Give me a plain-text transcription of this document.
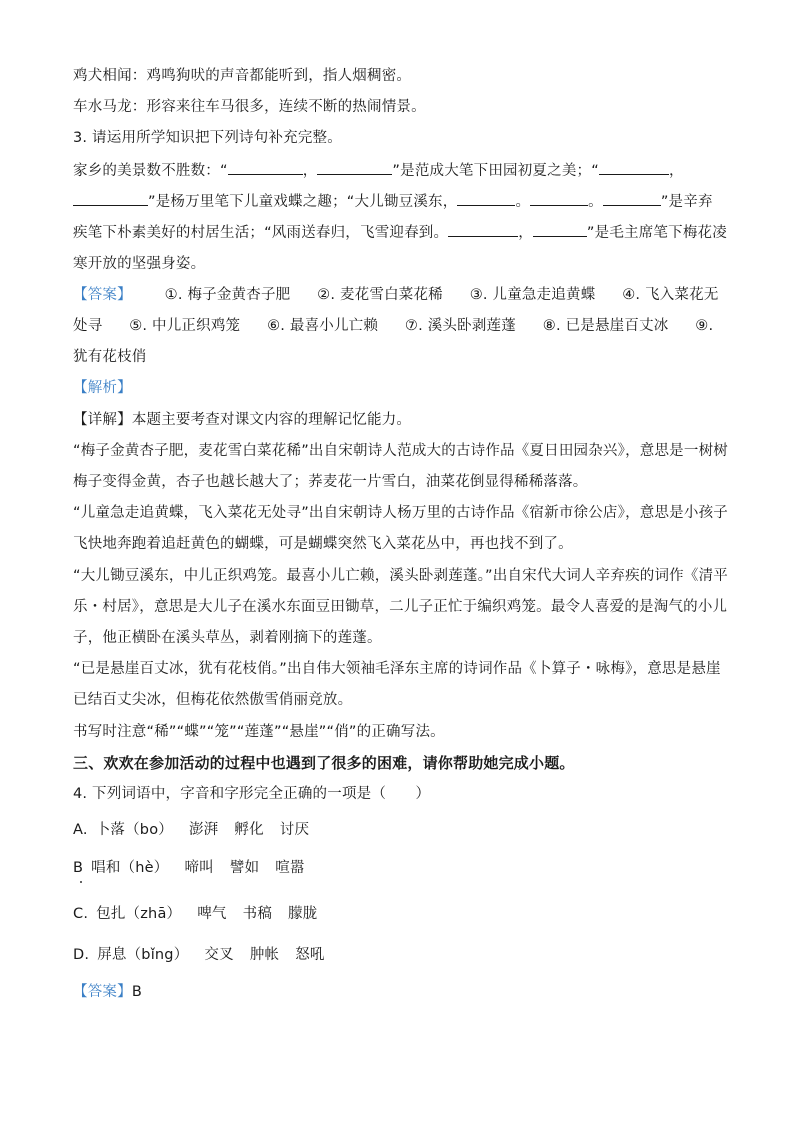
鸡犬相闻：鸡鸣狗吠的声音都能听到，指人烟稠密。
车水马龙：形容来往车马很多，连续不断的热闹情景。
3. 请运用所学知识把下列诗句补充完整。
家乡的美景数不胜数：“	，	”是范成大笔下田园初夏之美；“	，
”是杨万里笔下儿童戏蝶之趣；“大儿锄豆溪东，	。	。	”是辛弃
疾笔下朴素美好的村居生活；“风雨送春归，飞雪迎春到。	，	”是毛主席笔下梅花凌
寒开放的坚强身姿。
【答案】 ①. 梅子金黄杏子肥 ②. 麦花雪白菜花稀 ③. 儿童急走追黄蝶 ④. 飞入菜花无
处寻 ⑤. 中儿正织鸡笼 ⑥. 最喜小儿亡赖 ⑦. 溪头卧剥莲蓬 ⑧. 已是悬崖百丈冰 ⑨.
犹有花枝俏
【解析】
【详解】本题主要考查对课文内容的理解记忆能力。
“梅子金黄杏子肥，麦花雪白菜花稀”出自宋朝诗人范成大的古诗作品《夏日田园杂兴》，意思是一树树
梅子变得金黄，杏子也越长越大了；荞麦花一片雪白，油菜花倒显得稀稀落落。
“儿童急走追黄蝶，飞入菜花无处寻”出自宋朝诗人杨万里的古诗作品《宿新市徐公店》，意思是小孩子
飞快地奔跑着追赶黄色的蝴蝶，可是蝴蝶突然飞入菜花丛中，再也找不到了。
“大儿锄豆溪东，中儿正织鸡笼。最喜小儿亡赖，溪头卧剥莲蓬。”出自宋代大词人辛弃疾的词作《清平
乐・村居》，意思是大儿子在溪水东面豆田锄草，二儿子正忙于编织鸡笼。最令人喜爱的是淘气的小儿
子，他正横卧在溪头草丛，剥着刚摘下的莲蓬。
“已是悬崖百丈冰，犹有花枝俏。”出自伟大领袖毛泽东主席的诗词作品《卜算子・咏梅》，意思是悬崖
已结百丈尖冰，但梅花依然傲雪俏丽竞放。
书写时注意“稀”“蝶”“笼”“莲蓬”“悬崖”“俏”的正确写法。
三、欢欢在参加活动的过程中也遇到了很多的困难，请你帮助她完成小题。
4. 下列词语中，字音和字形完全正确的一项是（　　）
A. 卜落（bo） 澎湃 孵化 讨厌
B 唱和（hè） 啼叫 譬如 喧嚣
C. 包扎（zhā） 啤气 书稿 朦胧
D. 屏息（bǐng） 交叉 肿帐 怒吼
【答案】B
